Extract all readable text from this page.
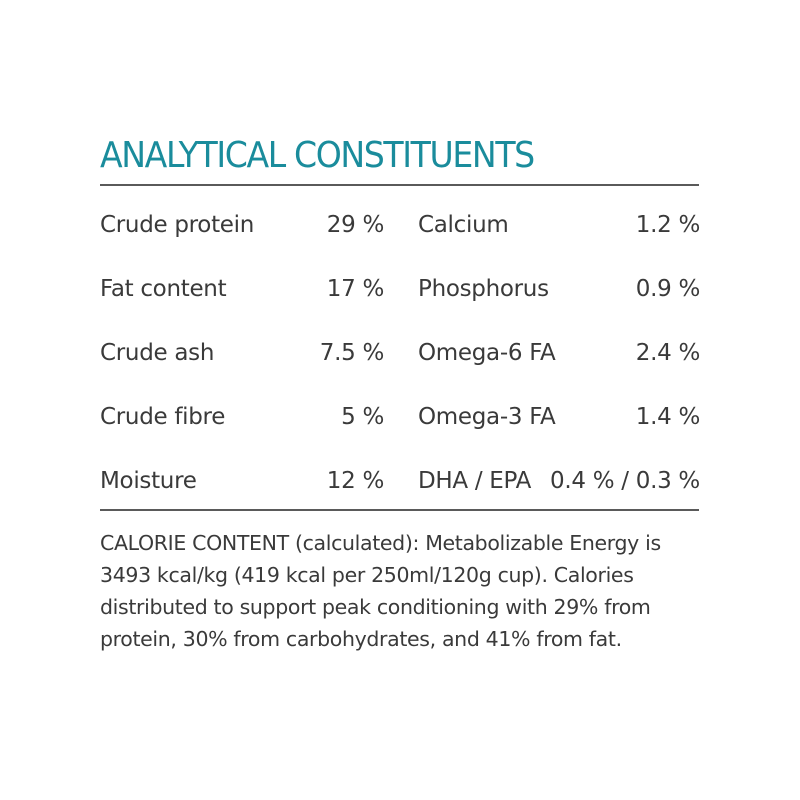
ANALYTICAL CONSTITUENTS
Crude protein	29 % Calcium	1.2 %
Fat content	17 % Phosphorus	0.9 %
Crude ash	7.5 % Omega-6 FA	2.4 %
Crude fibre	5 % Omega-3 FA	1.4 %
Moisture	12 % DHA / EPA 0.4 % / 0.3 %
CALORIE CONTENT (calculated): Metabolizable Energy is 3493 kcal/kg (419 kcal per 250ml/120g cup). Calories distributed to support peak conditioning with 29% from protein, 30% from carbohydrates, and 41% from fat.
